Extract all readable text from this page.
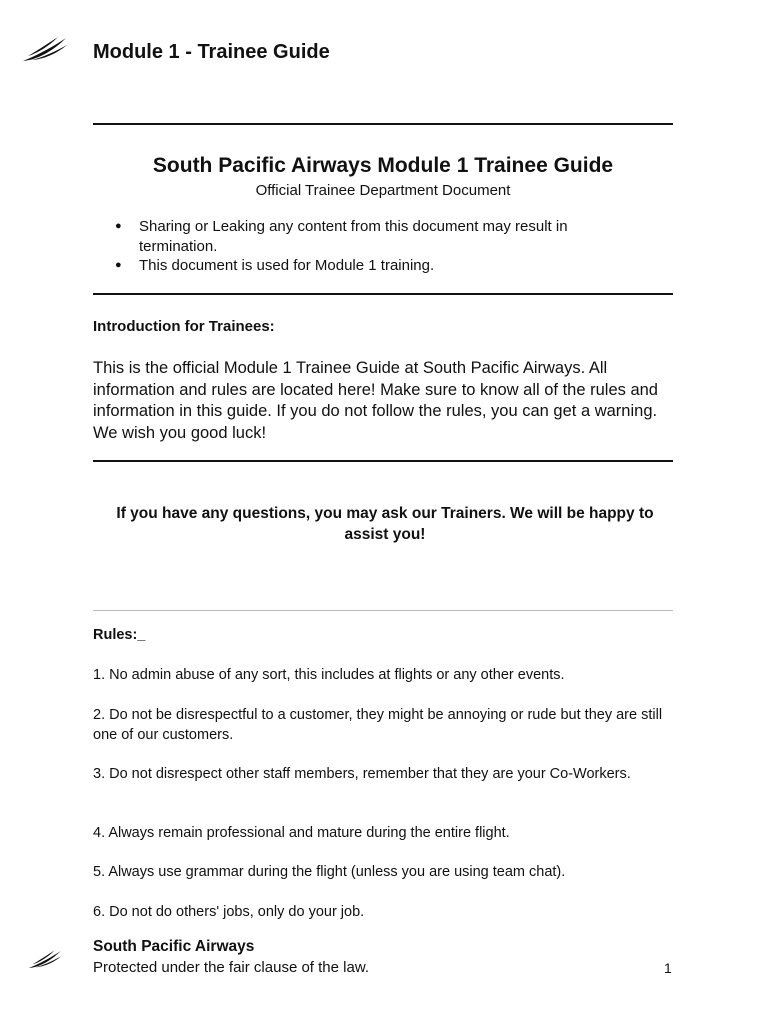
Module 1 - Trainee Guide
South Pacific Airways Module 1 Trainee Guide
Official Trainee Department Document
● Sharing or Leaking any content from this document may result in termination.
● This document is used for Module 1 training.
Introduction for Trainees:
This is the official Module 1 Trainee Guide at South Pacific Airways. All information and rules are located here! Make sure to know all of the rules and information in this guide. If you do not follow the rules, you can get a warning. We wish you good luck!
If you have any questions, you may ask our Trainers. We will be happy to assist you!
Rules:_
1. No admin abuse of any sort, this includes at flights or any other events.
2. Do not be disrespectful to a customer, they might be annoying or rude but they are still one of our customers.
3. Do not disrespect other staff members, remember that they are your Co-Workers.
4. Always remain professional and mature during the entire flight.
5. Always use grammar during the flight (unless you are using team chat).
6. Do not do others' jobs, only do your job.
South Pacific Airways
Protected under the fair clause of the law.	1
